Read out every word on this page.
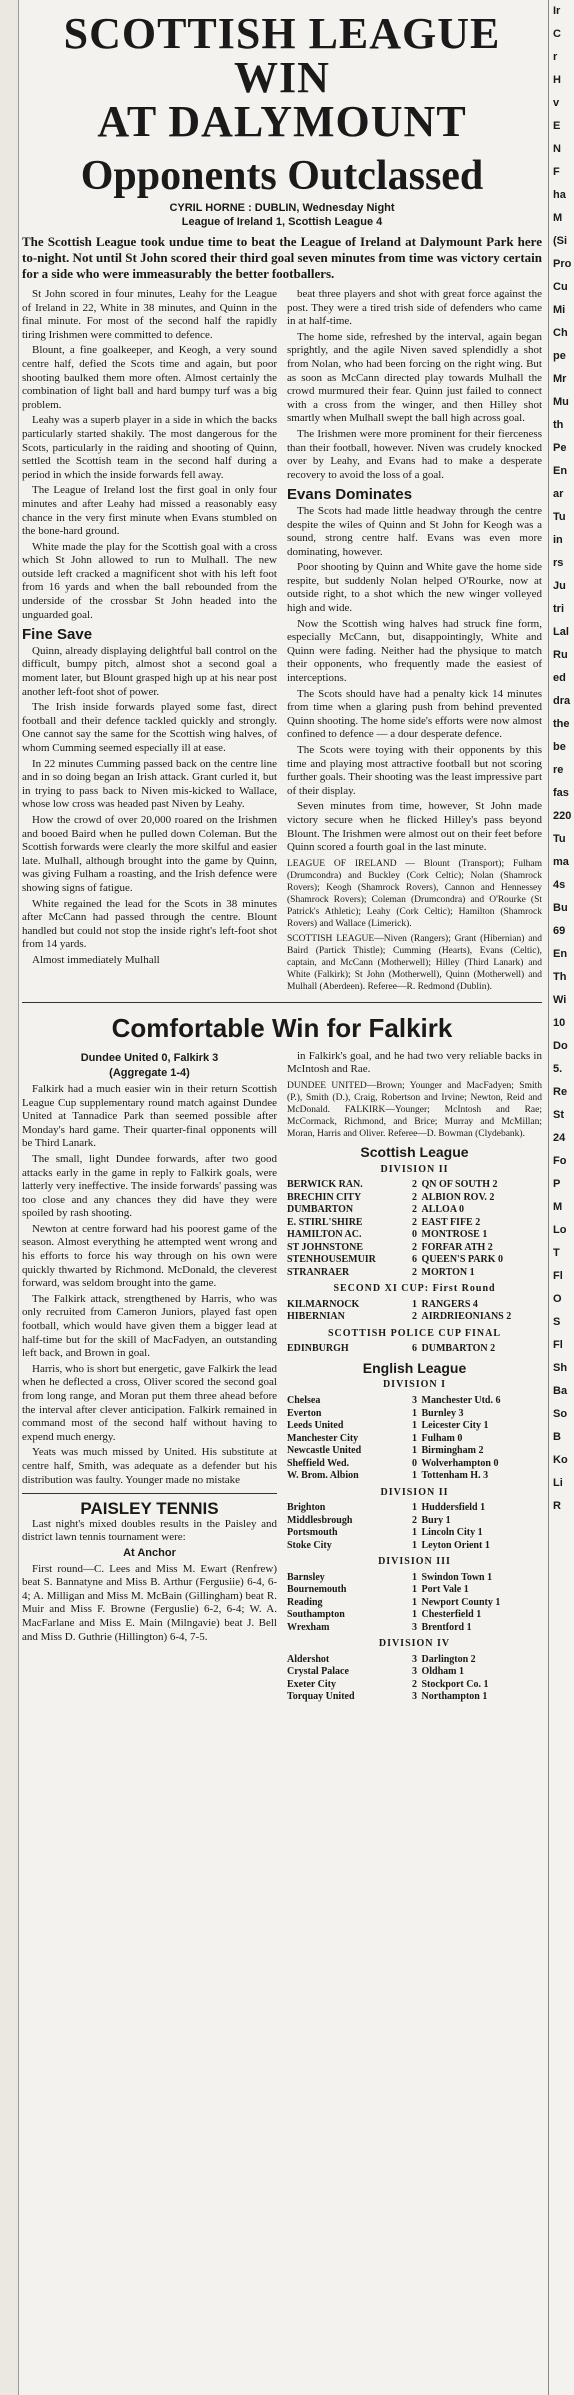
SCOTTISH LEAGUE WIN
AT DALYMOUNT
Opponents Outclassed
CYRIL HORNE : DUBLIN, Wednesday Night
League of Ireland 1, Scottish League 4
The Scottish League took undue time to beat the League of Ireland at Dalymount Park here to-night. Not until St John scored their third goal seven minutes from time was victory certain for a side who were immeasurably the better footballers.

St John scored in four minutes, Leahy for the League of Ireland in 22, White in 38 minutes, and Quinn in the final minute. For most of the second half the rapidly tiring Irishmen were committed to defence.

Blount, a fine goalkeeper, and Keogh, a very sound centre half, defied the Scots time and again, but poor shooting baulked them more often. Almost certainly the combination of light ball and hard bumpy turf was a big problem.

Leahy was a superb player in a side in which the backs particularly started shakily. The most dangerous for the Scots, particularly in the raiding and shooting of Quinn, settled the Scottish team in the second half during a period in which the inside forwards fell away.

The League of Ireland lost the first goal in only four minutes and after Leahy had missed a reasonably easy chance in the very first minute when Evans stumbled on the bone-hard ground.

White made the play for the Scottish goal with a cross which St John allowed to run to Mulhall. The new outside left cracked a magnificent shot with his left foot from 16 yards and when the ball rebounded from the underside of the crossbar St John headed into the unguarded goal.

Fine Save

Quinn, already displaying delightful ball control on the difficult, bumpy pitch, almost shot a second goal a moment later, but Blount grasped high up at his near post another left-foot shot of power.

The Irish inside forwards played some fast, direct football and their defence tackled quickly and strongly. One cannot say the same for the Scottish wing halves, of whom Cumming seemed especially ill at ease.

In 22 minutes Cumming passed back on the centre line and in so doing began an Irish attack. Grant curled it, but in trying to pass back to Niven mis-kicked to Wallace, whose low cross was headed past Niven by Leahy.

How the crowd of over 20,000 roared on the Irishmen and booed Baird when he pulled down Coleman. But the Scottish forwards were clearly the more skilful and easier late. Mulhall, although brought into the game by Quinn, was giving Fulham a roasting, and the Irish defence were showing signs of fatigue.

White regained the lead for the Scots in 38 minutes after McCann had passed through the centre. Blount handled but could not stop the inside right's left-foot shot from 14 yards.

Almost immediately Mulhall

beat three players and shot with great force against the post. They were a tired trish side of defenders who came in at half-time.

The home side, refreshed by the interval, again began sprightly, and the agile Niven saved splendidly a shot from Nolan, who had been forcing on the right wing. But as soon as McCann directed play towards Mulhall the crowd murmured their fear. Quinn just failed to connect with a cross from the winger, and then Hilley shot smartly when Mulhall swept the ball high across goal.

The Irishmen were more prominent for their fierceness than their football, however. Niven was crudely knocked over by Leahy, and Evans had to make a desperate recovery to avoid the loss of a goal.

Evans Dominates

The Scots had made little headway through the centre despite the wiles of Quinn and St John for Keogh was a sound, strong centre half. Evans was even more dominating, however.

Poor shooting by Quinn and White gave the home side respite, but suddenly Nolan helped O'Rourke, now at outside right, to a shot which the new winger volleyed high and wide.

Now the Scottish wing halves had struck fine form, especially McCann, but, disappointingly, White and Quinn were fading. Neither had the physique to match their opponents, who frequently made the easiest of interceptions.

The Scots should have had a penalty kick 14 minutes from time when a glaring push from behind prevented Quinn shooting. The home side's efforts were now almost confined to defence — a dour desperate defence.

The Scots were toying with their opponents by this time and playing most attractive football but not scoring further goals. Their shooting was the least impressive part of their display.

Seven minutes from time, however, St John made victory secure when he flicked Hilley's pass beyond Blount. The Irishmen were almost out on their feet before Quinn scored a fourth goal in the last minute.

LEAGUE OF IRELAND — Blount (Transport); Fulham (Drumcondra) and Buckley (Cork Celtic); Nolan (Shamrock Rovers); Keogh (Shamrock Rovers), Cannon and Hennessey (Shamrock Rovers); Coleman (Drumcondra) and O'Rourke (St Patrick's Athletic); Leahy (Cork Celtic); Hamilton (Shamrock Rovers) and Wallace (Limerick).
SCOTTISH LEAGUE—Niven (Rangers); Grant (Hibernian) and Baird (Partick Thistle); Cumming (Hearts), Evans (Celtic), captain, and McCann (Motherwell); Hilley (Third Lanark) and White (Falkirk); St John (Motherwell), Quinn (Motherwell) and Mulhall (Aberdeen). Referee—R. Redmond (Dublin).
Comfortable Win for Falkirk
Dundee United 0, Falkirk 3
(Aggregate 1-4)

Falkirk had a much easier win in their return Scottish League Cup supplementary round match against Dundee United at Tannadice Park than seemed possible after Monday's hard game. Their quarter-final opponents will be Third Lanark.

The small, light Dundee forwards, after two good attacks early in the game in reply to Falkirk goals, were latterly very ineffective. The inside forwards' passing was too close and any chances they did have they were spoiled by rash shooting.

Newton at centre forward had his poorest game of the season. Almost everything he attempted went wrong and his efforts to force his way through on his own were quickly thwarted by Richmond. McDonald, the cleverest forward, was seldom brought into the game.

The Falkirk attack, strengthened by Harris, who was only recruited from Cameron Juniors, played fast open football, which would have given them a bigger lead at half-time but for the skill of MacFadyen, an outstanding left back, and Brown in goal.

Harris, who is short but energetic, gave Falkirk the lead when he deflected a cross, Oliver scored the second goal from long range, and Moran put them three ahead before the interval after clever anticipation. Falkirk remained in command most of the second half without having to expend much energy.

Yeats was much missed by United. His substitute at centre half, Smith, was adequate as a defender but his distribution was faulty. Younger made no mistake

PAISLEY TENNIS

Last night's mixed doubles results in the Paisley and district lawn tennis tournament were:

At Anchor

First round—C. Lees and Miss M. Ewart (Renfrew) beat S. Bannatyne and Miss B. Arthur (Fergusiie) 6-4, 6-4; A. Milligan and Miss M. McBain (Gillingham) beat R. Muir and Miss F. Browne (Ferguslie) 6-2, 6-4; W. A. MacFarlane and Miss E. Main (Milngavie) beat J. Bell and Miss D. Guthrie (Hillington) 6-4, 7-5.

in Falkirk's goal, and he had two very reliable backs in McIntosh and Rae.

DUNDEE UNITED—Brown; Younger and MacFadyen; Smith (P.), Smith (D.), Craig, Robertson and Irvine; Newton, Reid and McDonald. FALKIRK—Younger; McIntosh and Rae; McCormack, Richmond, and Brice; Murray and McMillan; Moran, Harris and Oliver. Referee—D. Bowman (Clydebank).
Scottish League
DIVISION II
BERWICK RAN.	2 QN OF SOUTH 2
BRECHIN CITY	2 ALBION ROV. 2
DUMBARTON	2 ALLOA 0
E. STIRL'SHIRE	2 EAST FIFE 2
HAMILTON AC.	0 MONTROSE 1
ST JOHNSTONE	2 FORFAR ATH 2
STENHOUSEMUIR	6 QUEEN'S PARK 0
STRANRAER	2 MORTON 1
SECOND XI CUP: First Round
KILMARNOCK	1 RANGERS 4
HIBERNIAN	2 AIRDRIEONIANS 2
SCOTTISH POLICE CUP FINAL
EDINBURGH	6 DUMBARTON 2
English League
DIVISION I
Chelsea	3 Manchester Utd. 6
Everton	1 Burnley 3
Leeds United	1 Leicester City 1
Manchester City	1 Fulham 0
Newcastle United	1 Birmingham 2
Sheffield Wed.	0 Wolverhampton 0
W. Brom. Albion	1 Tottenham H. 3
DIVISION II
Brighton	1 Huddersfield 1
Middlesbrough	2 Bury 1
Portsmouth	1 Lincoln City 1
Stoke City	1 Leyton Orient 1
DIVISION III
Barnsley	1 Swindon Town 1
Bournemouth	1 Port Vale 1
Reading	1 Newport County 1
Southampton	1 Chesterfield 1
Wrexham	3 Brentford 1
DIVISION IV
Aldershot	3 Darlington 2
Crystal Palace	3 Oldham 1
Exeter City	2 Stockport Co. 1
Torquay United	3 Northampton 1
Ir
C
r
H
v
E
N
F
ha
M
(Si
Pro
Cu
Mi
Ch
pe
Mr
Mu
th
Pe
En
ar
Tu
in
rs
Ju
tri
Lal
Ru
ed
dra
the
be
re
fas
220
Tu
ma
4s
Bu
69
En
Th
Wi
10
Do
5.
Re
St
24
Fo
P
M
Lo
T
Fl
O
S
Fl
Sh
Ba
So
B
Ko
Li
R
